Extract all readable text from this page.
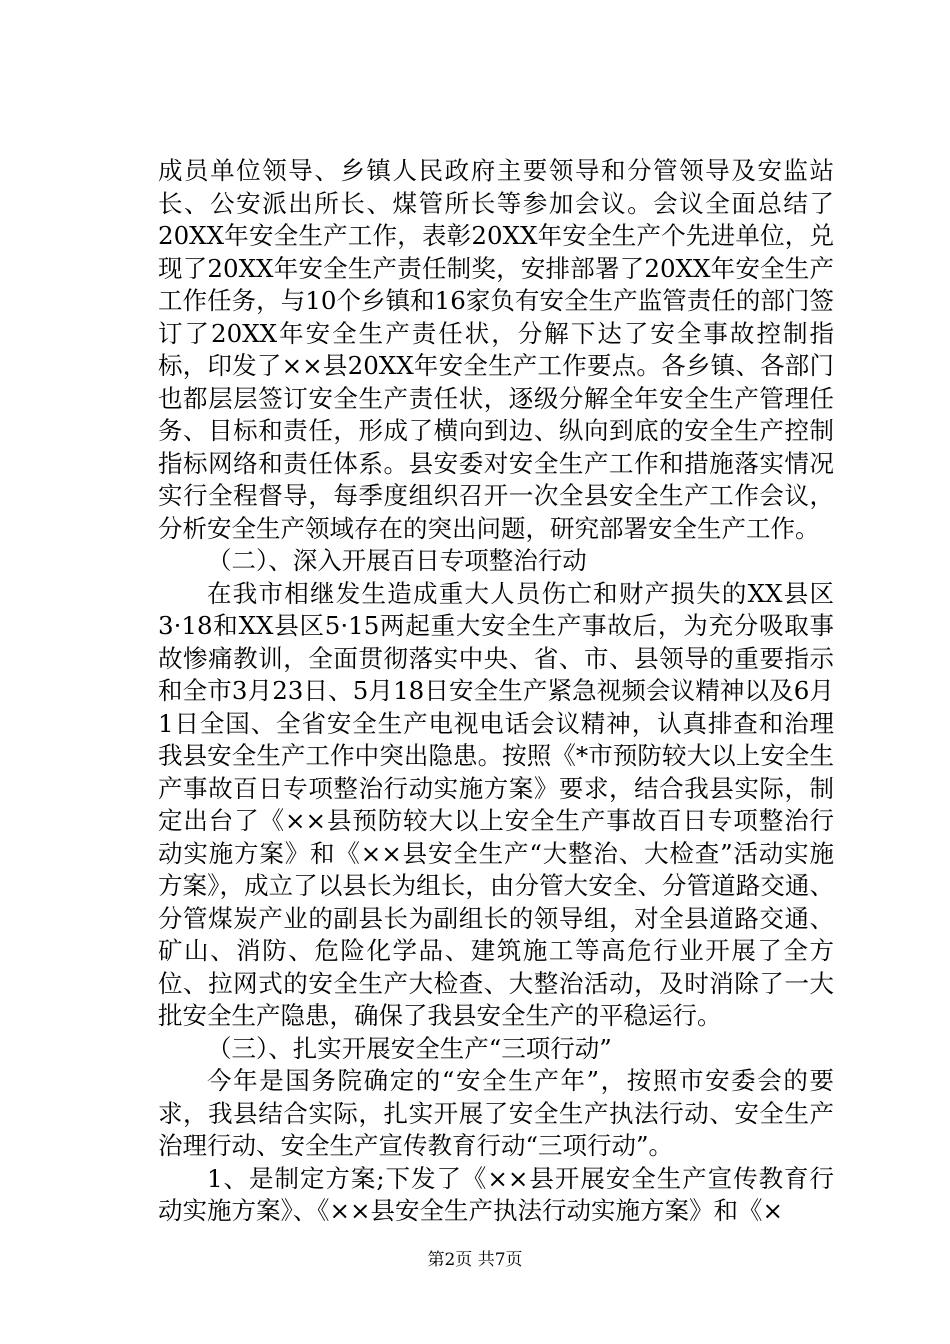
成员单位领导、乡镇人民政府主要领导和分管领导及安监站长、公安派出所长、煤管所长等参加会议。会议全面总结了20XX年安全生产工作，表彰20XX年安全生产个先进单位，兑现了20XX年安全生产责任制奖，安排部署了20XX年安全生产工作任务，与10个乡镇和16家负有安全生产监管责任的部门签订了20XX年安全生产责任状，分解下达了安全事故控制指标，印发了××县20XX年安全生产工作要点。各乡镇、各部门也都层层签订安全生产责任状，逐级分解全年安全生产管理任务、目标和责任，形成了横向到边、纵向到底的安全生产控制指标网络和责任体系。县安委对安全生产工作和措施落实情况实行全程督导，每季度组织召开一次全县安全生产工作会议，分析安全生产领域存在的突出问题，研究部署安全生产工作。

（二）、深入开展百日专项整治行动

在我市相继发生造成重大人员伤亡和财产损失的XX县区3·18和XX县区5·15两起重大安全生产事故后，为充分吸取事故惨痛教训，全面贯彻落实中央、省、市、县领导的重要指示和全市3月23日、5月18日安全生产紧急视频会议精神以及6月1日全国、全省安全生产电视电话会议精神，认真排查和治理我县安全生产工作中突出隐患。按照《*市预防较大以上安全生产事故百日专项整治行动实施方案》要求，结合我县实际，制定出台了《××县预防较大以上安全生产事故百日专项整治行动实施方案》和《××县安全生产“大整治、大检查”活动实施方案》，成立了以县长为组长，由分管大安全、分管道路交通、分管煤炭产业的副县长为副组长的领导组，对全县道路交通、矿山、消防、危险化学品、建筑施工等高危行业开展了全方位、拉网式的安全生产大检查、大整治活动，及时消除了一大批安全生产隐患，确保了我县安全生产的平稳运行。

（三）、扎实开展安全生产“三项行动”

今年是国务院确定的“安全生产年”，按照市安委会的要求，我县结合实际，扎实开展了安全生产执法行动、安全生产治理行动、安全生产宣传教育行动“三项行动”。

1、是制定方案;下发了《××县开展安全生产宣传教育行动实施方案》、《××县安全生产执法行动实施方案》和《×

第2页 共7页
